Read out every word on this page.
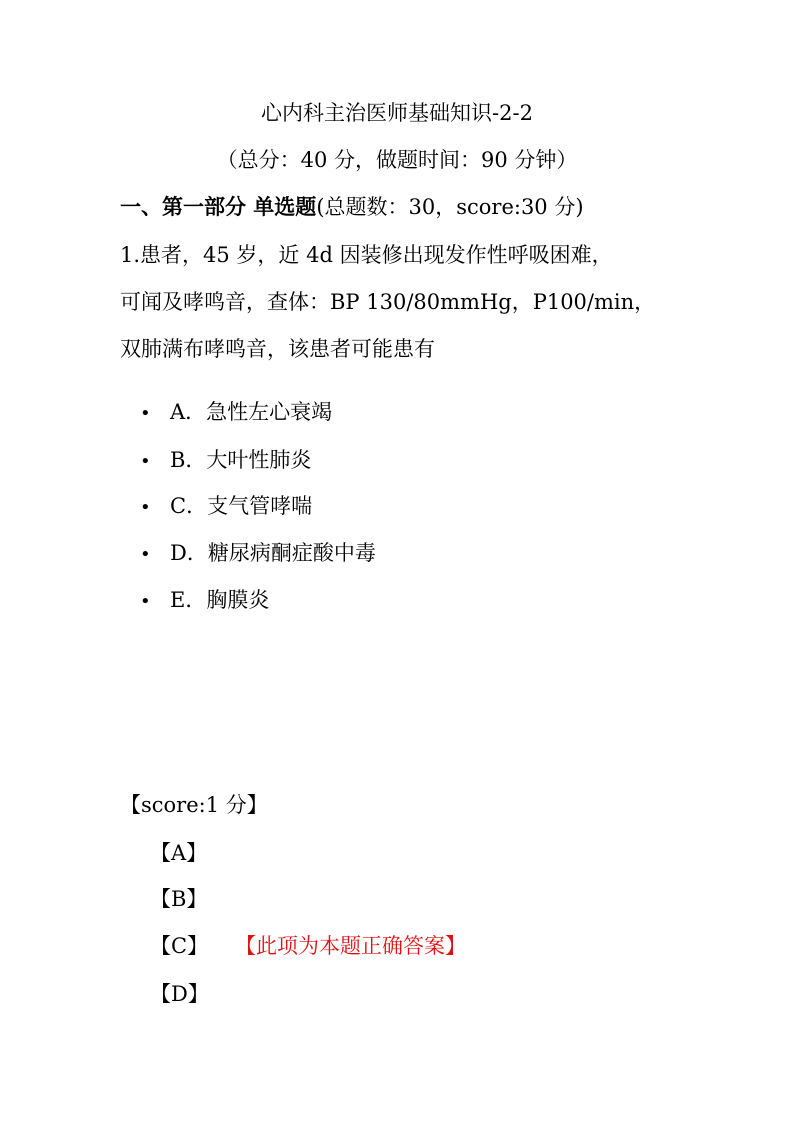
心内科主治医师基础知识-2-2
（总分：40 分，做题时间：90 分钟）
一、第一部分 单选题(总题数：30，score:30 分)
1.患者，45 岁，近 4d 因装修出现发作性呼吸困难，
可闻及哮鸣音，查体：BP 130/80mmHg，P100/min，
双肺满布哮鸣音，该患者可能患有
• A．急性左心衰竭
• B．大叶性肺炎
• C．支气管哮喘
• D．糖尿病酮症酸中毒
• E．胸膜炎
【score:1 分】
【A】
【B】
【C】 【此项为本题正确答案】
【D】
